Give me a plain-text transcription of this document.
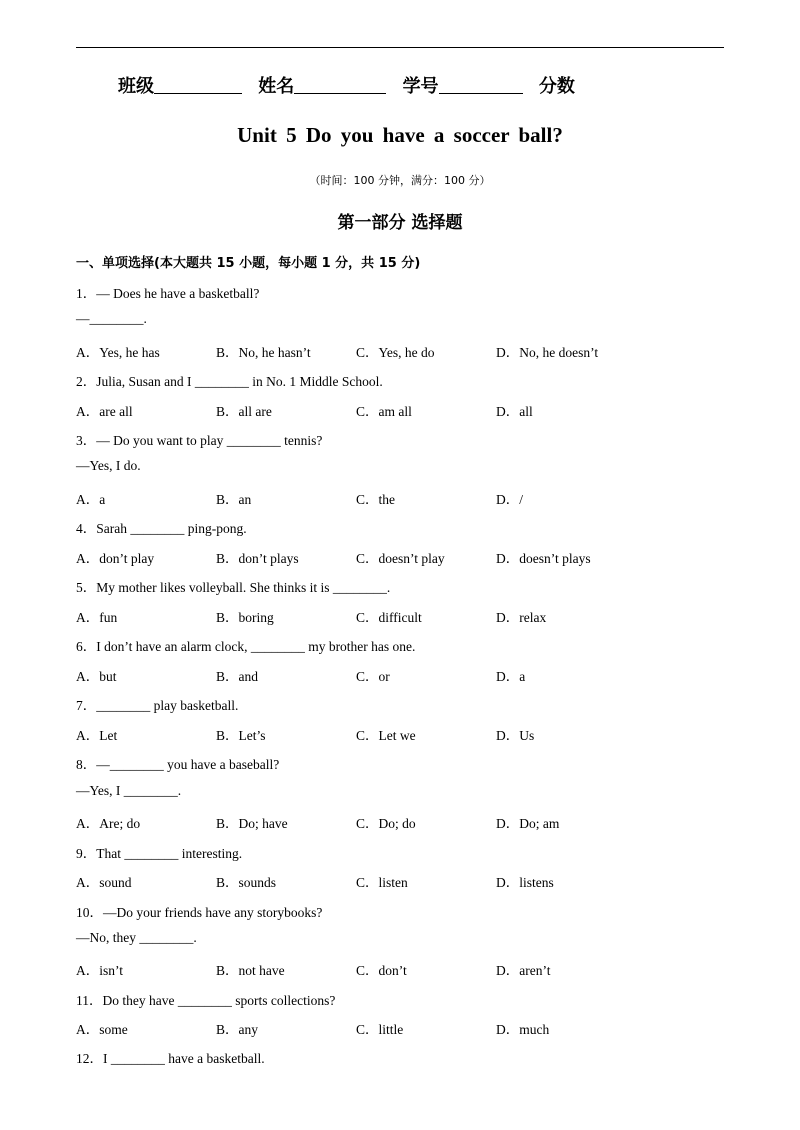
班级	姓名	学号	分数
Unit 5 Do you have a soccer ball?
（时间：100 分钟，满分：100 分）
第一部分 选择题
一、单项选择(本大题共 15 小题，每小题 1 分，共 15 分)
1．— Does he have a basketball?
—________.
A．Yes, he has	B．No, he hasn’t	C．Yes, he do	D．No, he doesn’t
2．Julia, Susan and I ________ in No. 1 Middle School.
A．are all	B．all are	C．am all	D．all
3．— Do you want to play ________ tennis?
—Yes, I do.
A．a	B．an	C．the	D．/
4．Sarah ________ ping-pong.
A．don’t play	B．don’t plays	C．doesn’t play	D．doesn’t plays
5．My mother likes volleyball. She thinks it is ________.
A．fun	B．boring	C．difficult	D．relax
6．I don’t have an alarm clock, ________ my brother has one.
A．but	B．and	C．or	D．a
7．________ play basketball.
A．Let	B．Let’s	C．Let we	D．Us
8．—________ you have a baseball?
—Yes, I ________.
A．Are; do	B．Do; have	C．Do; do	D．Do; am
9．That ________ interesting.
A．sound	B．sounds	C．listen	D．listens
10．—Do your friends have any storybooks?
—No, they ________.
A．isn’t	B．not have	C．don’t	D．aren’t
11．Do they have ________ sports collections?
A．some	B．any	C．little	D．much
12．I ________ have a basketball.
